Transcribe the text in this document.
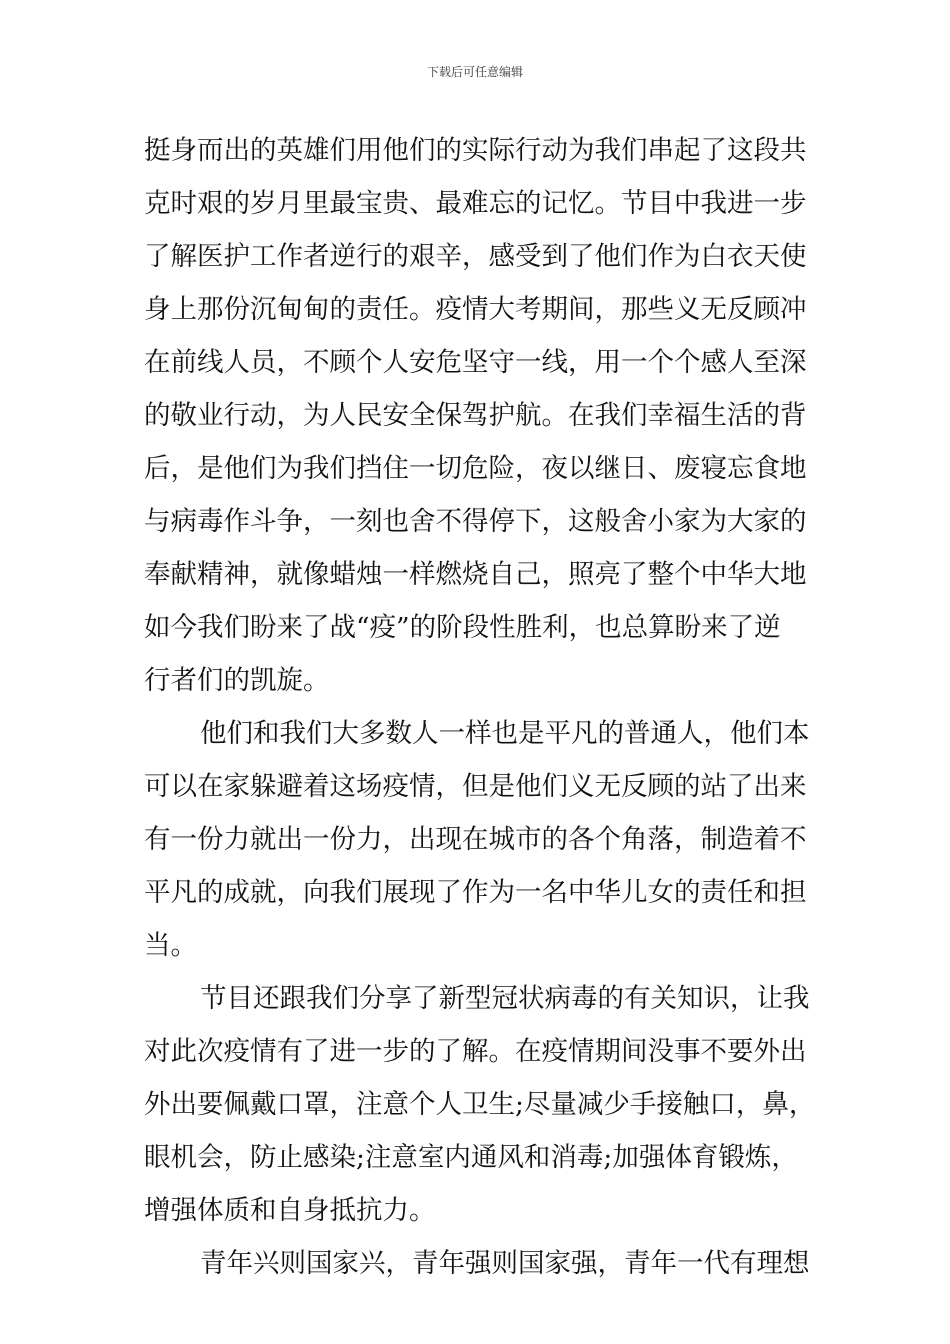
下载后可任意编辑

挺身而出的英雄们用他们的实际行动为我们串起了这段共

克时艰的岁月里最宝贵、最难忘的记忆。节目中我进一步

了解医护工作者逆行的艰辛，感受到了他们作为白衣天使

身上那份沉甸甸的责任。疫情大考期间，那些义无反顾冲

在前线人员，不顾个人安危坚守一线，用一个个感人至深

的敬业行动，为人民安全保驾护航。在我们幸福生活的背

后，是他们为我们挡住一切危险，夜以继日、废寝忘食地

与病毒作斗争，一刻也舍不得停下，这般舍小家为大家的

奉献精神，就像蜡烛一样燃烧自己，照亮了整个中华大地

如今我们盼来了战“疫”的阶段性胜利，也总算盼来了逆

行者们的凯旋。

他们和我们大多数人一样也是平凡的普通人，他们本

可以在家躲避着这场疫情，但是他们义无反顾的站了出来

有一份力就出一份力，出现在城市的各个角落，制造着不

平凡的成就，向我们展现了作为一名中华儿女的责任和担

当。

节目还跟我们分享了新型冠状病毒的有关知识，让我

对此次疫情有了进一步的了解。在疫情期间没事不要外出

外出要佩戴口罩，注意个人卫生;尽量减少手接触口，鼻，

眼机会，防止感染;注意室内通风和消毒;加强体育锻炼，

增强体质和自身抵抗力。

青年兴则国家兴，青年强则国家强，青年一代有理想
